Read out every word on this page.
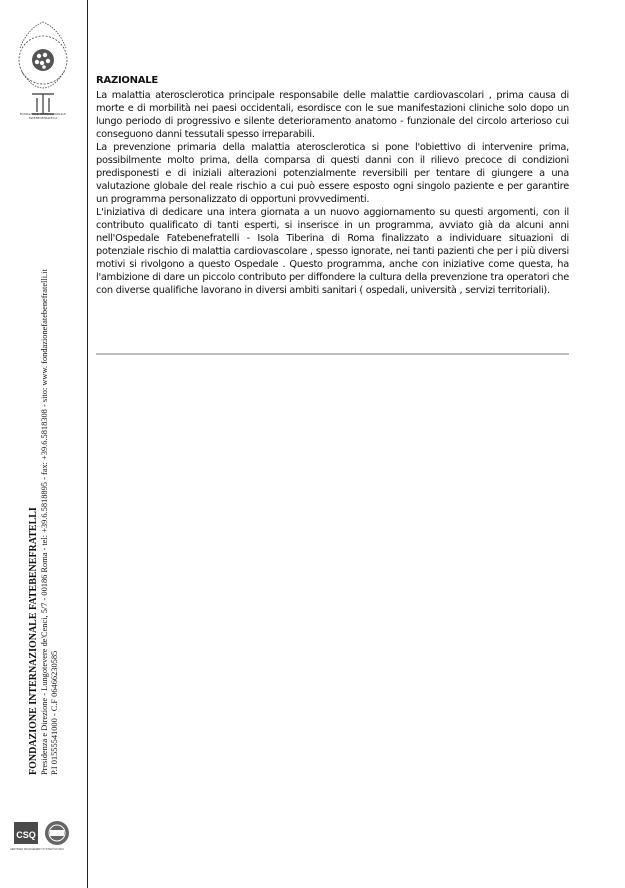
FONDAZIONE INTERNAZIONALE FATEBENEFRATELLI
FONDAZIONE INTERNAZIONALE FATEBENEFRATELLI Presidenza e Direzione - Lungotevere de'Cenci, 5/7 - 00186 Roma - tel: +39.6.5818895 - fax: +39.6.5818308 - sito: www. fondazionefatebenefratelli.it P.I 01555541000 - C.F 06466230585
CSQ
CERTIFIED MANAGEMENT SYSTEM ISO 9001
RAZIONALE

La malattia aterosclerotica principale responsabile delle malattie cardiovascolari , prima causa di morte e di morbilità nei paesi occidentali, esordisce con le sue manifestazioni cliniche solo dopo un lungo periodo di progressivo e silente deterioramento anatomo - funzionale del circolo arterioso cui conseguono danni tessutali spesso irreparabili.

La prevenzione primaria della malattia aterosclerotica si pone l'obiettivo di intervenire prima, possibilmente molto prima, della comparsa di questi danni con il rilievo precoce di condizioni predisponesti e di iniziali alterazioni potenzialmente reversibili per tentare di giungere a una valutazione globale del reale rischio a cui può essere esposto ogni singolo paziente e per garantire un programma personalizzato di opportuni provvedimenti.

L'iniziativa di dedicare una intera giornata a un nuovo aggiornamento su questi argomenti, con il contributo qualificato di tanti esperti, si inserisce in un programma, avviato già da alcuni anni nell'Ospedale Fatebenefratelli - Isola Tiberina di Roma finalizzato a individuare situazioni di potenziale rischio di malattia cardiovascolare , spesso ignorate, nei tanti pazienti che per i più diversi motivi si rivolgono a questo Ospedale . Questo programma, anche con iniziative come questa, ha l'ambizione di dare un piccolo contributo per diffondere la cultura della prevenzione tra operatori che con diverse qualifiche lavorano in diversi ambiti sanitari ( ospedali, università , servizi territoriali).
